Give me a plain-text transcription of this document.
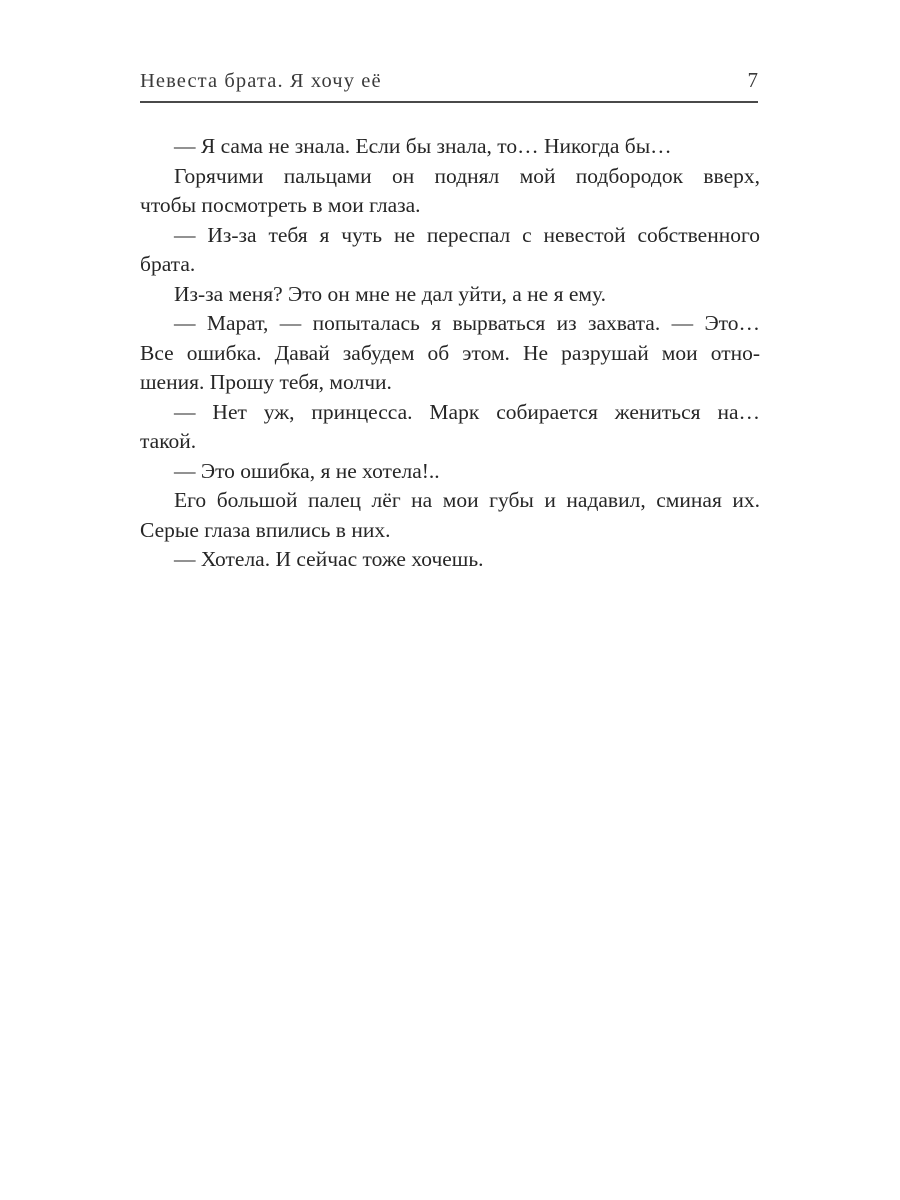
Невеста брата. Я хочу её	7
— Я сама не знала. Если бы знала, то… Никогда бы…
Горячими пальцами он поднял мой подбородок вверх,
чтобы посмотреть в мои глаза.
— Из-за тебя я чуть не переспал с невестой собственного
брата.
Из-за меня? Это он мне не дал уйти, а не я ему.
— Марат, — попыталась я вырваться из захвата. — Это…
Все ошибка. Давай забудем об этом. Не разрушай мои отно-
шения. Прошу тебя, молчи.
— Нет уж, принцесса. Марк собирается жениться на…
такой.
— Это ошибка, я не хотела!..
Его большой палец лёг на мои губы и надавил, сминая их.
Серые глаза впились в них.
— Хотела. И сейчас тоже хочешь.
